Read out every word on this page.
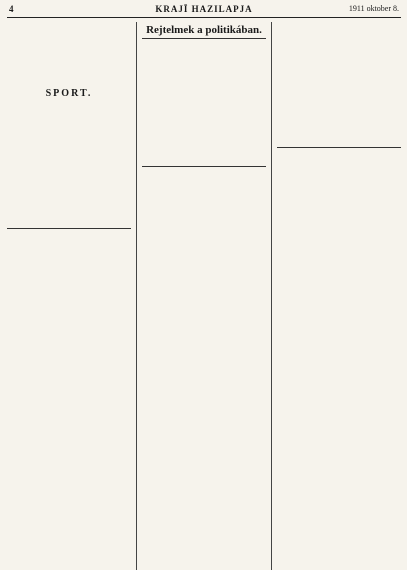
4	KRAJĪ HAZILAPJA	1911 oktober 8.

SPORT.

Rejtelmek a politikában.
